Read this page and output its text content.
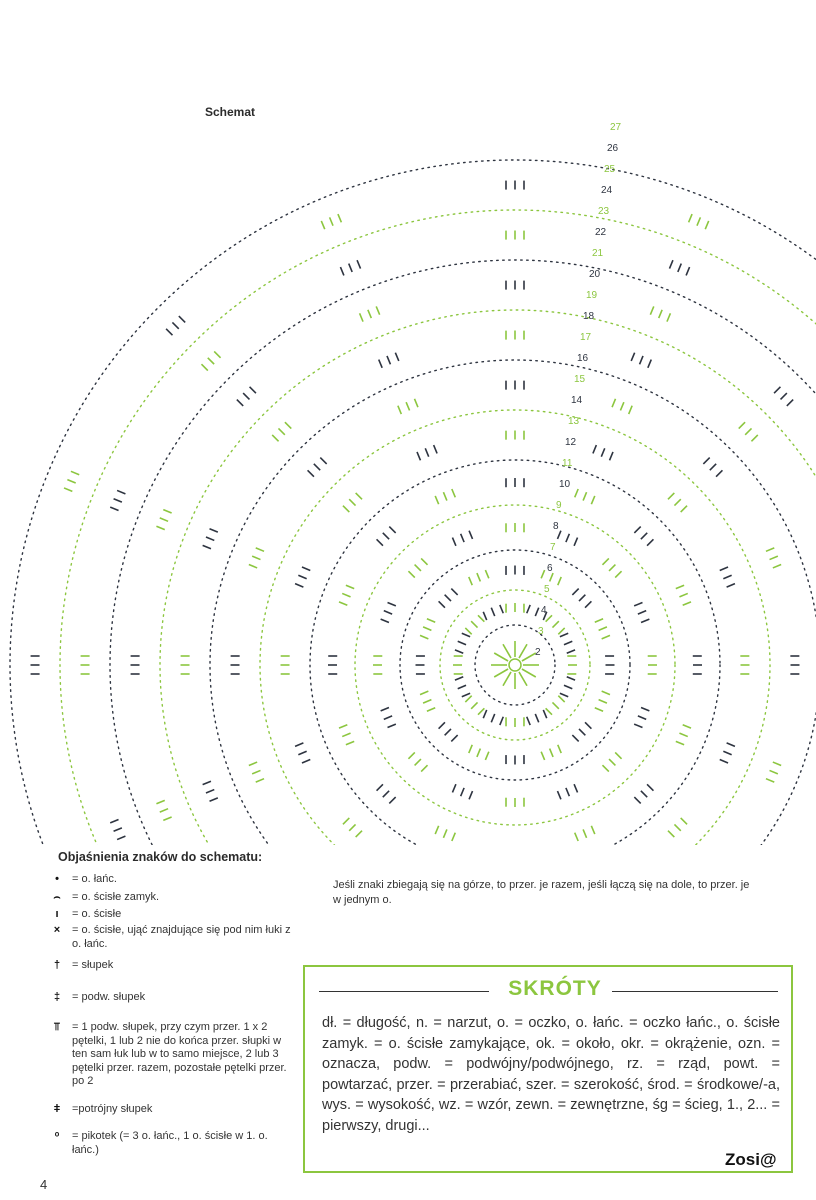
Schemat
2
3
4
5
6
7
8
9
10
11
12
13
14
15
16
17
18
19
20
21
22
23
24
25
26
27
Objaśnienia znaków do schematu:
•	= o. łańc.
⌢	= o. ścisłe zamyk.
ı	= o. ścisłe
×	= o. ścisłe, ująć znajdujące się pod nim łuki z o. łańc.
†	= słupek
‡	= podw. słupek
⫪	= 1 podw. słupek, przy czym przer. 1 x 2 pętelki, 1 lub 2 nie do końca przer. słupki w ten sam łuk lub w to samo miejsce, 2 lub 3 pętelki przer. razem, pozostałe pętelki przer. po 2
ǂ	=potrójny słupek
ᵒ	= pikotek (= 3 o. łańc., 1 o. ścisłe w 1. o. łańc.)
Jeśli znaki zbiegają się na górze, to przer. je razem, jeśli łączą się na dole, to przer. je w jednym o.
SKRÓTY
dł. = długość, n. = narzut, o. = oczko, o. łańc. = oczko łańc., o. ścisłe zamyk. = o. ścisłe zamykające, ok. = około, okr. = okrążenie, ozn. = oznacza, podw. = podwójny/podwójnego, rz. = rząd, powt. = powtarzać, przer. = przerabiać, szer. = szerokość, środ. = środkowe/-a, wys. = wysokość, wz. = wzór, zewn. = zewnętrzne, śg = ścieg, 1., 2... = pierwszy, drugi...
Zosi@
4
